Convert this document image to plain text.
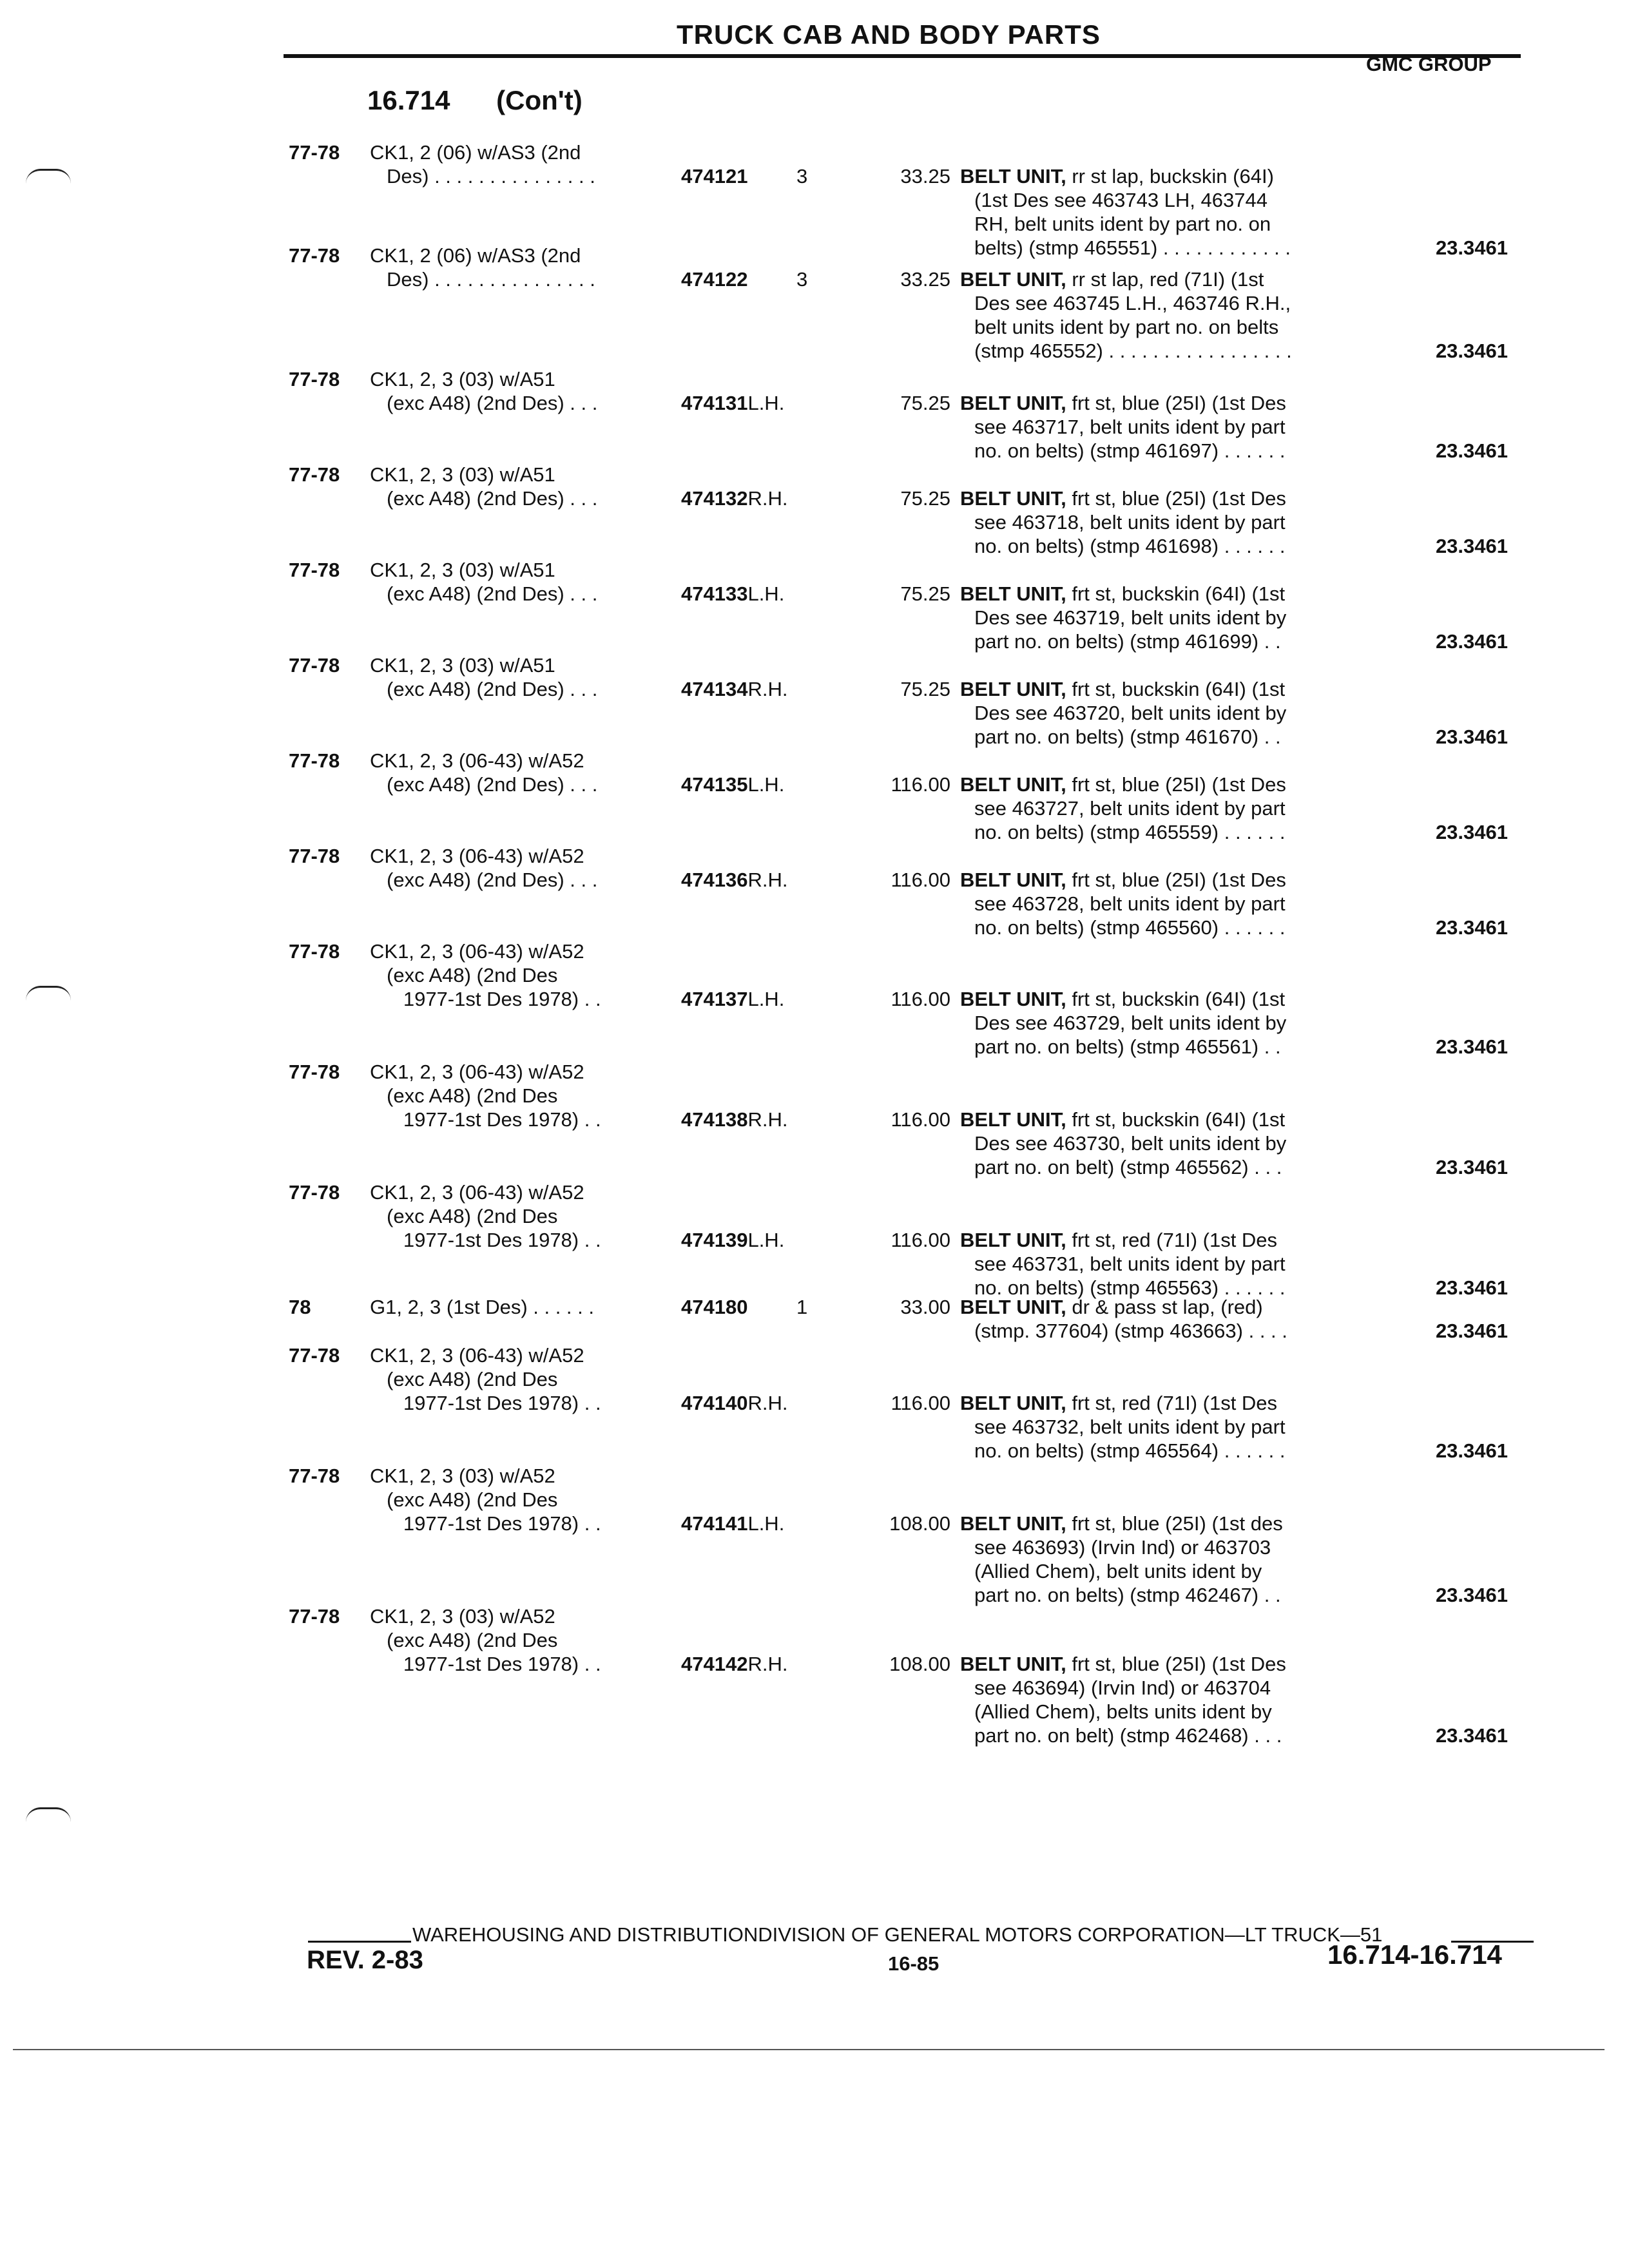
TRUCK CAB AND BODY PARTS
GMC GROUP
16.714 (Con't)
77-78 CK1, 2 (06) w/AS3 (2nd
Des) . . . . . . . . . . . . . . .	474121 3	33.25 BELT UNIT, rr st lap, buckskin (64I)
(1st Des see 463743 LH, 463744
RH, belt units ident by part no. on
belts) (stmp 465551) . . . . . . . . . . . .	23.3461
77-78 CK1, 2 (06) w/AS3 (2nd
Des) . . . . . . . . . . . . . . .	474122 3	33.25 BELT UNIT, rr st lap, red (71I) (1st
Des see 463745 L.H., 463746 R.H.,
belt units ident by part no. on belts
(stmp 465552) . . . . . . . . . . . . . . . . .	23.3461
77-78 CK1, 2, 3 (03) w/A51
(exc A48) (2nd Des) . . .	474131L.H.	75.25 BELT UNIT, frt st, blue (25I) (1st Des
see 463717, belt units ident by part
no. on belts) (stmp 461697) . . . . . .	23.3461
77-78 CK1, 2, 3 (03) w/A51
(exc A48) (2nd Des) . . .	474132R.H.	75.25 BELT UNIT, frt st, blue (25I) (1st Des
see 463718, belt units ident by part
no. on belts) (stmp 461698) . . . . . .	23.3461
77-78 CK1, 2, 3 (03) w/A51
(exc A48) (2nd Des) . . .	474133L.H.	75.25 BELT UNIT, frt st, buckskin (64I) (1st
Des see 463719, belt units ident by
part no. on belts) (stmp 461699) . .	23.3461
77-78 CK1, 2, 3 (03) w/A51
(exc A48) (2nd Des) . . .	474134R.H.	75.25 BELT UNIT, frt st, buckskin (64I) (1st
Des see 463720, belt units ident by
part no. on belts) (stmp 461670) . .	23.3461
77-78 CK1, 2, 3 (06-43) w/A52
(exc A48) (2nd Des) . . .	474135L.H.	116.00 BELT UNIT, frt st, blue (25I) (1st Des
see 463727, belt units ident by part
no. on belts) (stmp 465559) . . . . . .	23.3461
77-78 CK1, 2, 3 (06-43) w/A52
(exc A48) (2nd Des) . . .	474136R.H.	116.00 BELT UNIT, frt st, blue (25I) (1st Des
see 463728, belt units ident by part
no. on belts) (stmp 465560) . . . . . .	23.3461
77-78 CK1, 2, 3 (06-43) w/A52
(exc A48) (2nd Des
1977-1st Des 1978) . .	474137L.H.	116.00 BELT UNIT, frt st, buckskin (64I) (1st
Des see 463729, belt units ident by
part no. on belts) (stmp 465561) . .	23.3461
77-78 CK1, 2, 3 (06-43) w/A52
(exc A48) (2nd Des
1977-1st Des 1978) . .	474138R.H.	116.00 BELT UNIT, frt st, buckskin (64I) (1st
Des see 463730, belt units ident by
part no. on belt) (stmp 465562) . . .	23.3461
77-78 CK1, 2, 3 (06-43) w/A52
(exc A48) (2nd Des
1977-1st Des 1978) . .	474139L.H.	116.00 BELT UNIT, frt st, red (71I) (1st Des
see 463731, belt units ident by part
no. on belts) (stmp 465563) . . . . . .	23.3461
78	G1, 2, 3 (1st Des) . . . . . .	474180 1	33.00 BELT UNIT, dr & pass st lap, (red)
(stmp. 377604) (stmp 463663) . . . .	23.3461
77-78 CK1, 2, 3 (06-43) w/A52
(exc A48) (2nd Des
1977-1st Des 1978) . .	474140R.H.	116.00 BELT UNIT, frt st, red (71I) (1st Des
see 463732, belt units ident by part
no. on belts) (stmp 465564) . . . . . .	23.3461
77-78 CK1, 2, 3 (03) w/A52
(exc A48) (2nd Des
1977-1st Des 1978) . .	474141L.H.	108.00 BELT UNIT, frt st, blue (25I) (1st des
see 463693) (Irvin Ind) or 463703
(Allied Chem), belt units ident by
part no. on belts) (stmp 462467) . .	23.3461
77-78 CK1, 2, 3 (03) w/A52
(exc A48) (2nd Des
1977-1st Des 1978) . .	474142R.H.	108.00 BELT UNIT, frt st, blue (25I) (1st Des
see 463694) (Irvin Ind) or 463704
(Allied Chem), belts units ident by
part no. on belt) (stmp 462468) . . .	23.3461
WAREHOUSING AND DISTRIBUTIONDIVISION OF GENERAL MOTORS CORPORATION—LT TRUCK—51
REV. 2-83	16-85	16.714-16.714
